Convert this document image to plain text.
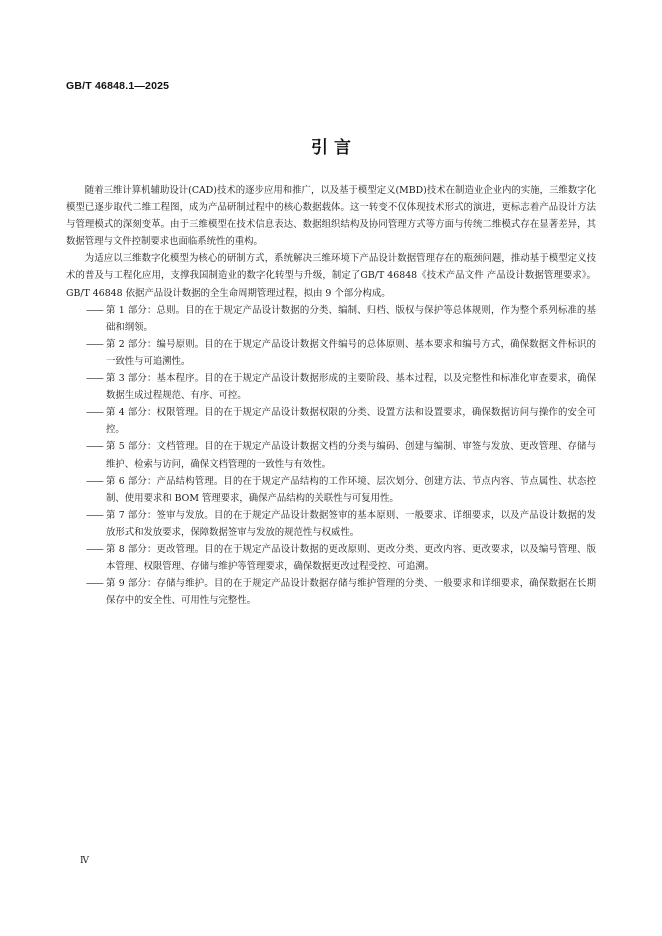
GB/T 46848.1—2025
引 言

随着三维计算机辅助设计(CAD)技术的逐步应用和推广，以及基于模型定义(MBD)技术在制造业企业内的实施，三维数字化模型已逐步取代二维工程图，成为产品研制过程中的核心数据载体。这一转变不仅体现技术形式的演进，更标志着产品设计方法与管理模式的深刻变革。由于三维模型在技术信息表达、数据组织结构及协同管理方式等方面与传统二维模式存在显著差异，其数据管理与文件控制要求也面临系统性的重构。

为适应以三维数字化模型为核心的研制方式，系统解决三维环境下产品设计数据管理存在的瓶颈问题，推动基于模型定义技术的普及与工程化应用，支撑我国制造业的数字化转型与升级，制定了GB/T 46848《技术产品文件 产品设计数据管理要求》。GB/T 46848 依据产品设计数据的全生命周期管理过程，拟由 9 个部分构成。

—— 第 1 部分：总则。目的在于规定产品设计数据的分类、编制、归档、版权与保护等总体规则，作为整个系列标准的基础和纲领。
—— 第 2 部分：编号原则。目的在于规定产品设计数据文件编号的总体原则、基本要求和编号方式，确保数据文件标识的一致性与可追溯性。
—— 第 3 部分：基本程序。目的在于规定产品设计数据形成的主要阶段、基本过程，以及完整性和标准化审查要求，确保数据生成过程规范、有序、可控。
—— 第 4 部分：权限管理。目的在于规定产品设计数据权限的分类、设置方法和设置要求，确保数据访问与操作的安全可控。
—— 第 5 部分：文档管理。目的在于规定产品设计数据文档的分类与编码、创建与编制、审签与发放、更改管理、存储与维护、检索与访问，确保文档管理的一致性与有效性。
—— 第 6 部分：产品结构管理。目的在于规定产品结构的工作环境、层次划分、创建方法、节点内容、节点属性、状态控制、使用要求和 BOM 管理要求，确保产品结构的关联性与可复用性。
—— 第 7 部分：签审与发放。目的在于规定产品设计数据签审的基本原则、一般要求、详细要求，以及产品设计数据的发放形式和发放要求，保障数据签审与发放的规范性与权威性。
—— 第 8 部分：更改管理。目的在于规定产品设计数据的更改原则、更改分类、更改内容、更改要求，以及编号管理、版本管理、权限管理、存储与维护等管理要求，确保数据更改过程受控、可追溯。
—— 第 9 部分：存储与维护。目的在于规定产品设计数据存储与维护管理的分类、一般要求和详细要求，确保数据在长期保存中的安全性、可用性与完整性。
Ⅳ
